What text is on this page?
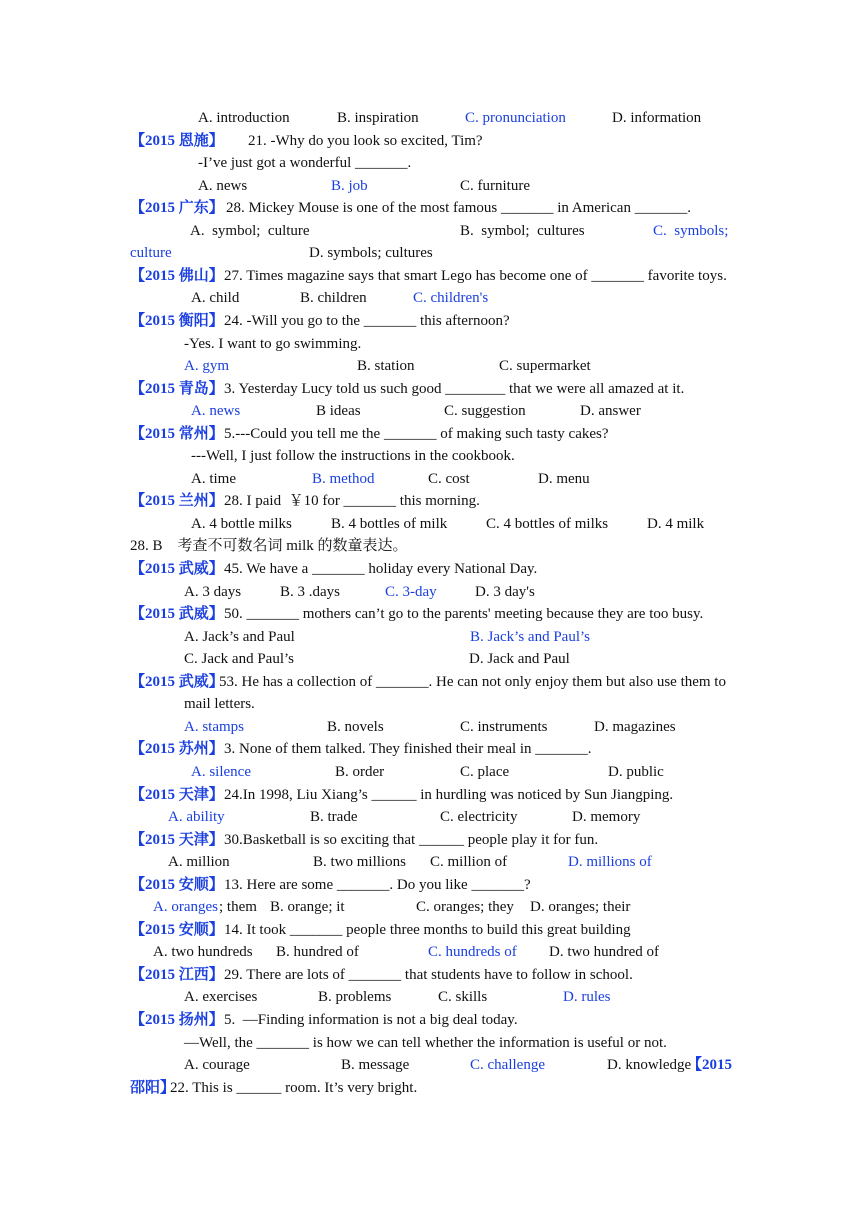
A. introduction	B. inspiration	C. pronunciation	D. information
【2015 恩施】 21. -Why do you look so excited, Tim?
-I’ve just got a wonderful _______.
A. news	B. job	C. furniture
【2015 广东】 28. Mickey Mouse is one of the most famous _______ in American _______.
A.  symbol;  culture	B.  symbol;  cultures	C.  symbols;
culture	D. symbols; cultures
【2015 佛山】 27. Times magazine says that smart Lego has become one of _______ favorite toys.
A. child	B. children	C. children's
【2015 衡阳】 24. -Will you go to the _______ this afternoon?
-Yes. I want to go swimming.
A. gym	B. station	C. supermarket
【2015 青岛】 3. Yesterday Lucy told us such good ________ that we were all amazed at it.
A. news	B ideas	C. suggestion	D. answer
【2015 常州】 5.---Could you tell me the _______ of making such tasty cakes?
---Well, I just follow the instructions in the cookbook.
A. time	B. method	C. cost	D. menu
【2015 兰州】 28. I paid  ￥10 for _______ this morning.
A. 4 bottle milks	B. 4 bottles of milk	C. 4 bottles of milks	D. 4 milk
28. B    考查不可数名词 milk 的数童表达。
【2015 武威】 45. We have a _______ holiday every National Day.
A. 3 days	B. 3 .days	C. 3-day	D. 3 day's
【2015 武威】 50. _______ mothers can’t go to the parents' meeting because they are too busy.
A. Jack’s and Paul	B. Jack’s and Paul’s
C. Jack and Paul’s	D. Jack and Paul
【2015 武威】
53. He has a collection of _______. He can not only enjoy them but also use them to
mail letters.
A. stamps	B. novels	C. instruments	D. magazines
【2015 苏州】 3. None of them talked. They finished their meal in _______.
A. silence	B. order	C. place	D. public
【2015 天津】 24.In 1998, Liu Xiang’s ______ in hurdling was noticed by Sun Jiangping.
A. ability	B. trade	C. electricity	D. memory
【2015 天津】 30.Basketball is so exciting that ______ people play it for fun.
A. million	B. two millions C. million of	D. millions of
【2015 安顺】 13. Here are some _______. Do you like _______?
A. oranges ; them B. orange; it	C. oranges; they D. oranges; their
【2015 安顺】 14. It took _______ people three months to build this great building
A. two hundreds B. hundred of	C. hundreds of D. two hundred of
【2015 江西】 29. There are lots of _______ that students have to follow in school.
A. exercises	B. problems	C. skills	D. rules
【2015 扬州】 5.  —Finding information is not a big deal today.
—Well, the _______ is how we can tell whether the information is useful or not.
A. courage	B. message	C. challenge	D. knowledge
【2015
邵阳】
22. This is ______ room. It’s very bright.
